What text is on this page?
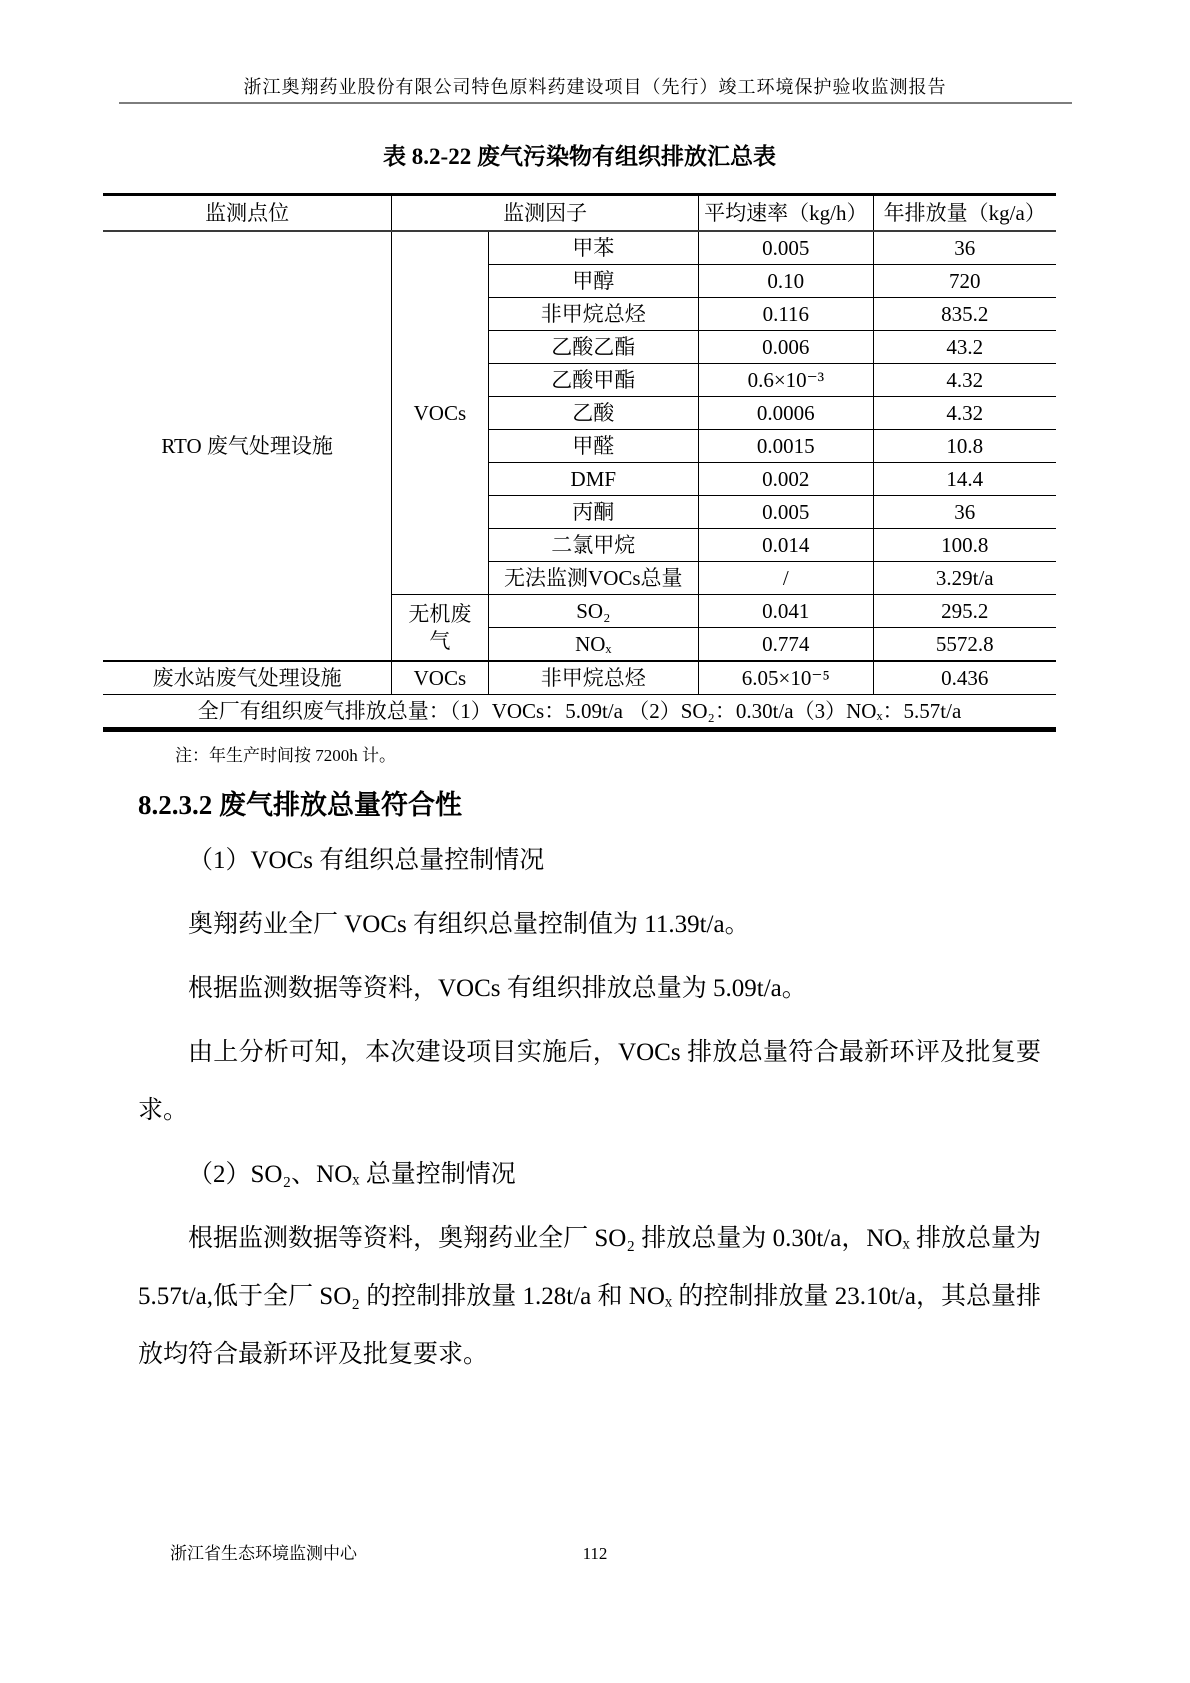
浙江奥翔药业股份有限公司特色原料药建设项目（先行）竣工环境保护验收监测报告
表 8.2-22 废气污染物有组织排放汇总表
监测点位	监测因子		平均速率（kg/h）	年排放量（kg/a）
RTO 废气处理设施	VOCs	甲苯	0.005	36
		甲醇	0.10	720
		非甲烷总烃	0.116	835.2
		乙酸乙酯	0.006	43.2
		乙酸甲酯	0.6×10⁻³	4.32
		乙酸	0.0006	4.32
		甲醛	0.0015	10.8
		DMF	0.002	14.4
		丙酮	0.005	36
		二氯甲烷	0.014	100.8
		无法监测VOCs总量	/	3.29t/a
	无机废气	SO₂	0.041	295.2
		NOₓ	0.774	5572.8
废水站废气处理设施	VOCs	非甲烷总烃	6.05×10⁻⁵	0.436
全厂有组织废气排放总量：（1）VOCs：5.09t/a （2）SO₂：0.30t/a（3）NOₓ：5.57t/a				
注：年生产时间按 7200h 计。
8.2.3.2 废气排放总量符合性

（1）VOCs 有组织总量控制情况

奥翔药业全厂 VOCs 有组织总量控制值为 11.39t/a。

根据监测数据等资料，VOCs 有组织排放总量为 5.09t/a。

由上分析可知，本次建设项目实施后，VOCs 排放总量符合最新环评及批复要求。

（2）SO₂、NOₓ 总量控制情况

根据监测数据等资料，奥翔药业全厂 SO₂ 排放总量为 0.30t/a，NOₓ 排放总量为 5.57t/a,低于全厂 SO₂ 的控制排放量 1.28t/a 和 NOₓ 的控制排放量 23.10t/a，其总量排放均符合最新环评及批复要求。

浙江省生态环境监测中心	112
